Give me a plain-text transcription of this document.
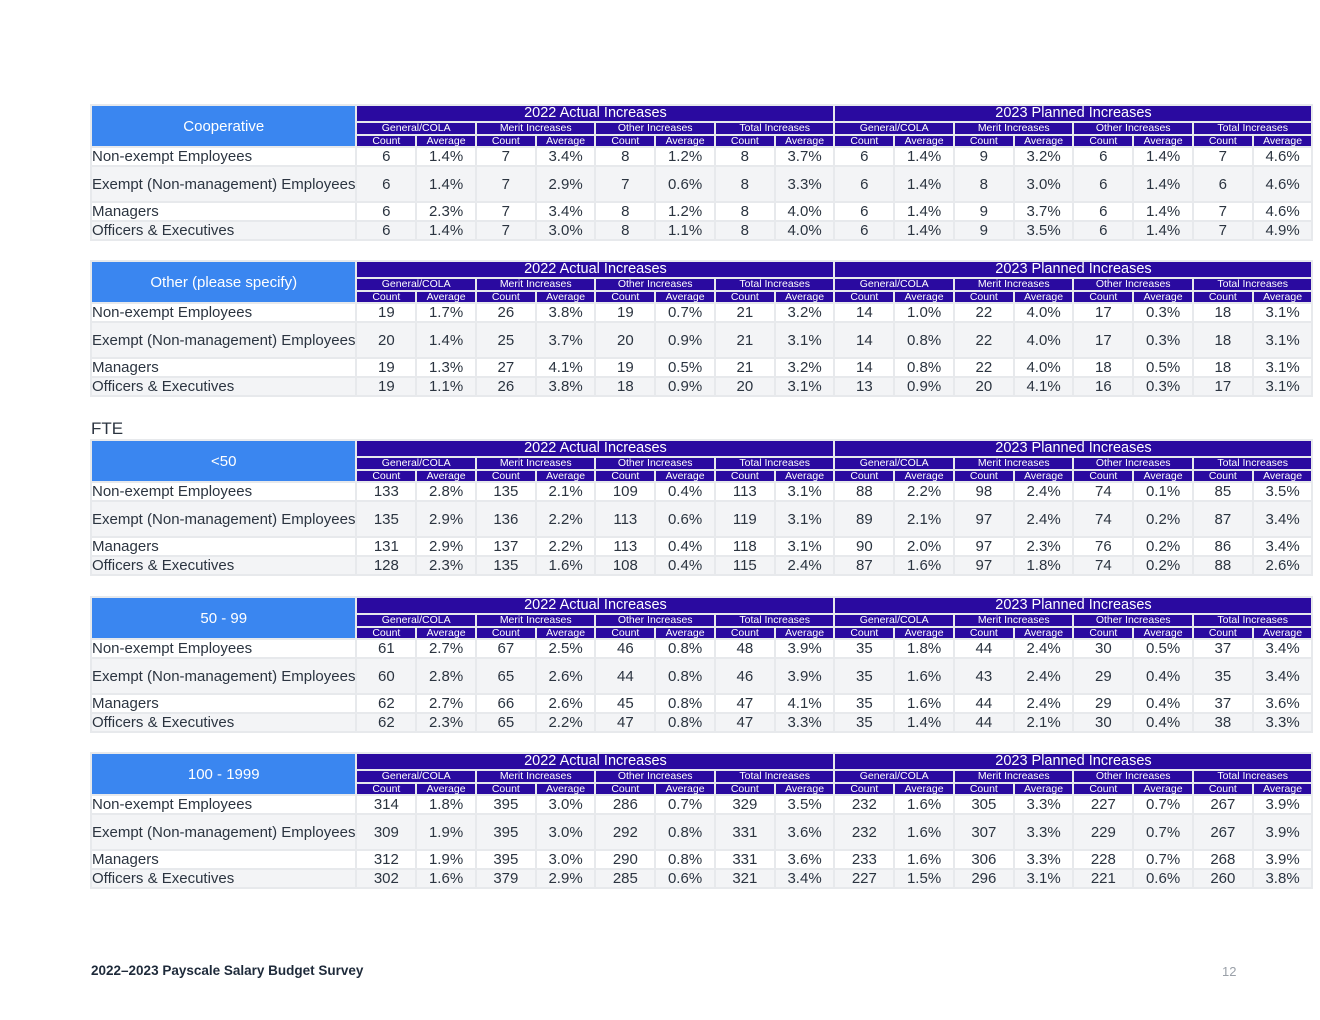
Cooperative	2022 Actual Increases								2023 Planned Increases							
	General/COLA		Merit Increases		Other Increases		Total Increases		General/COLA		Merit Increases		Other Increases		Total Increases	
	Count	Average	Count	Average	Count	Average	Count	Average	Count	Average	Count	Average	Count	Average	Count	Average
Non-exempt Employees	6	1.4%	7	3.4%	8	1.2%	8	3.7%	6	1.4%	9	3.2%	6	1.4%	7	4.6%
Exempt (Non-management) Employees	6	1.4%	7	2.9%	7	0.6%	8	3.3%	6	1.4%	8	3.0%	6	1.4%	6	4.6%
Managers	6	2.3%	7	3.4%	8	1.2%	8	4.0%	6	1.4%	9	3.7%	6	1.4%	7	4.6%
Officers & Executives	6	1.4%	7	3.0%	8	1.1%	8	4.0%	6	1.4%	9	3.5%	6	1.4%	7	4.9%
Other (please specify)	2022 Actual Increases								2023 Planned Increases							
	General/COLA		Merit Increases		Other Increases		Total Increases		General/COLA		Merit Increases		Other Increases		Total Increases	
	Count	Average	Count	Average	Count	Average	Count	Average	Count	Average	Count	Average	Count	Average	Count	Average
Non-exempt Employees	19	1.7%	26	3.8%	19	0.7%	21	3.2%	14	1.0%	22	4.0%	17	0.3%	18	3.1%
Exempt (Non-management) Employees	20	1.4%	25	3.7%	20	0.9%	21	3.1%	14	0.8%	22	4.0%	17	0.3%	18	3.1%
Managers	19	1.3%	27	4.1%	19	0.5%	21	3.2%	14	0.8%	22	4.0%	18	0.5%	18	3.1%
Officers & Executives	19	1.1%	26	3.8%	18	0.9%	20	3.1%	13	0.9%	20	4.1%	16	0.3%	17	3.1%
<50	2022 Actual Increases								2023 Planned Increases							
	General/COLA		Merit Increases		Other Increases		Total Increases		General/COLA		Merit Increases		Other Increases		Total Increases	
	Count	Average	Count	Average	Count	Average	Count	Average	Count	Average	Count	Average	Count	Average	Count	Average
Non-exempt Employees	133	2.8%	135	2.1%	109	0.4%	113	3.1%	88	2.2%	98	2.4%	74	0.1%	85	3.5%
Exempt (Non-management) Employees	135	2.9%	136	2.2%	113	0.6%	119	3.1%	89	2.1%	97	2.4%	74	0.2%	87	3.4%
Managers	131	2.9%	137	2.2%	113	0.4%	118	3.1%	90	2.0%	97	2.3%	76	0.2%	86	3.4%
Officers & Executives	128	2.3%	135	1.6%	108	0.4%	115	2.4%	87	1.6%	97	1.8%	74	0.2%	88	2.6%
50 - 99	2022 Actual Increases								2023 Planned Increases							
	General/COLA		Merit Increases		Other Increases		Total Increases		General/COLA		Merit Increases		Other Increases		Total Increases	
	Count	Average	Count	Average	Count	Average	Count	Average	Count	Average	Count	Average	Count	Average	Count	Average
Non-exempt Employees	61	2.7%	67	2.5%	46	0.8%	48	3.9%	35	1.8%	44	2.4%	30	0.5%	37	3.4%
Exempt (Non-management) Employees	60	2.8%	65	2.6%	44	0.8%	46	3.9%	35	1.6%	43	2.4%	29	0.4%	35	3.4%
Managers	62	2.7%	66	2.6%	45	0.8%	47	4.1%	35	1.6%	44	2.4%	29	0.4%	37	3.6%
Officers & Executives	62	2.3%	65	2.2%	47	0.8%	47	3.3%	35	1.4%	44	2.1%	30	0.4%	38	3.3%
100 - 1999	2022 Actual Increases								2023 Planned Increases							
	General/COLA		Merit Increases		Other Increases		Total Increases		General/COLA		Merit Increases		Other Increases		Total Increases	
	Count	Average	Count	Average	Count	Average	Count	Average	Count	Average	Count	Average	Count	Average	Count	Average
Non-exempt Employees	314	1.8%	395	3.0%	286	0.7%	329	3.5%	232	1.6%	305	3.3%	227	0.7%	267	3.9%
Exempt (Non-management) Employees	309	1.9%	395	3.0%	292	0.8%	331	3.6%	232	1.6%	307	3.3%	229	0.7%	267	3.9%
Managers	312	1.9%	395	3.0%	290	0.8%	331	3.6%	233	1.6%	306	3.3%	228	0.7%	268	3.9%
Officers & Executives	302	1.6%	379	2.9%	285	0.6%	321	3.4%	227	1.5%	296	3.1%	221	0.6%	260	3.8%
FTE
2022–2023 Payscale Salary Budget Survey	12
